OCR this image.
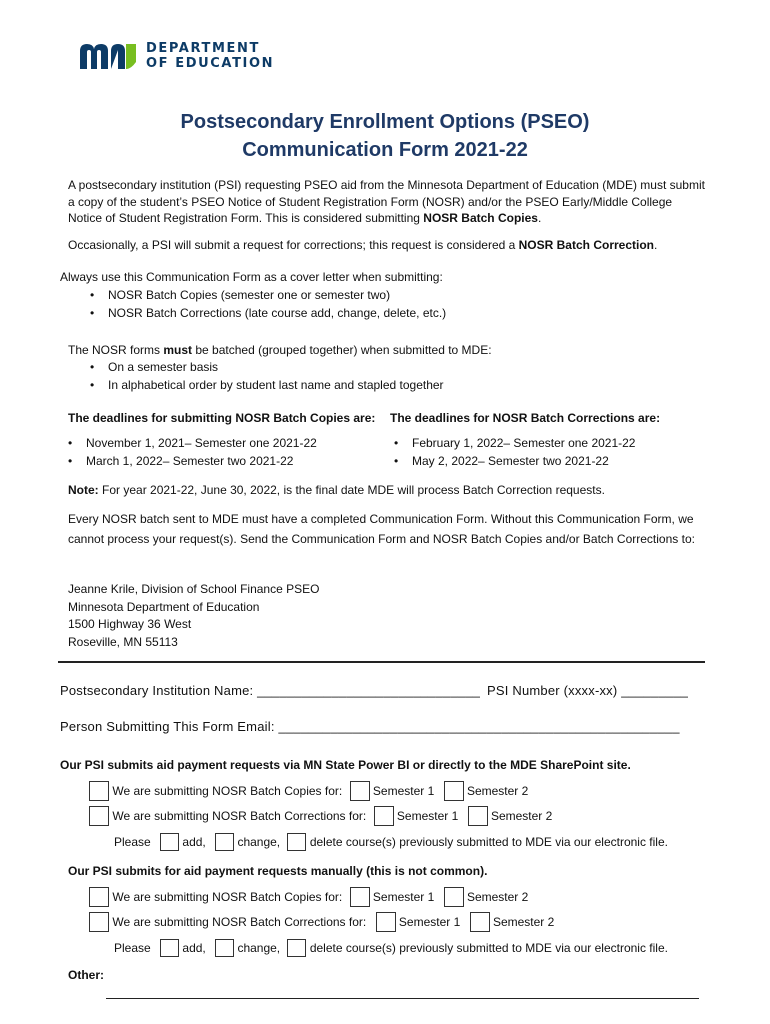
DEPARTMENT
OF EDUCATION
Postsecondary Enrollment Options (PSEO)
Communication Form 2021-22
A postsecondary institution (PSI) requesting PSEO aid from the Minnesota Department of Education (MDE) must submit a copy of the student’s PSEO Notice of Student Registration Form (NOSR) and/or the PSEO Early/Middle College Notice of Student Registration Form. This is considered submitting NOSR Batch Copies.
Occasionally, a PSI will submit a request for corrections; this request is considered a NOSR Batch Correction.
Always use this Communication Form as a cover letter when submitting:
• NOSR Batch Copies (semester one or semester two)
• NOSR Batch Corrections (late course add, change, delete, etc.)
The NOSR forms must be batched (grouped together) when submitted to MDE:
• On a semester basis
• In alphabetical order by student last name and stapled together
The deadlines for submitting NOSR Batch Copies are:
• November 1, 2021– Semester one 2021-22
• March 1, 2022– Semester two 2021-22
The deadlines for NOSR Batch Corrections are:
• February 1, 2022– Semester one 2021-22
• May 2, 2022– Semester two 2021-22
Note: For year 2021-22, June 30, 2022, is the final date MDE will process Batch Correction requests.
Every NOSR batch sent to MDE must have a completed Communication Form. Without this Communication Form, we cannot process your request(s). Send the Communication Form and NOSR Batch Copies and/or Batch Corrections to:
Jeanne Krile, Division of School Finance PSEO
Minnesota Department of Education
1500 Highway 36 West
Roseville, MN 55113
Postsecondary Institution Name: ______________________________ PSI Number (xxxx-xx) _________
Person Submitting This Form Email: ______________________________________________________
Our PSI submits aid payment requests via MN State Power BI or directly to the MDE SharePoint site.
We are submitting NOSR Batch Copies for:	Semester 1	Semester 2
We are submitting NOSR Batch Corrections for:	Semester 1	Semester 2
Please	add,	change, delete course(s) previously submitted to MDE via our electronic file.
Our PSI submits for aid payment requests manually (this is not common).
We are submitting NOSR Batch Copies for:	Semester 1	Semester 2
We are submitting NOSR Batch Corrections for:	Semester 1	Semester 2
Please	add,	change, delete course(s) previously submitted to MDE via our electronic file.
Other:
